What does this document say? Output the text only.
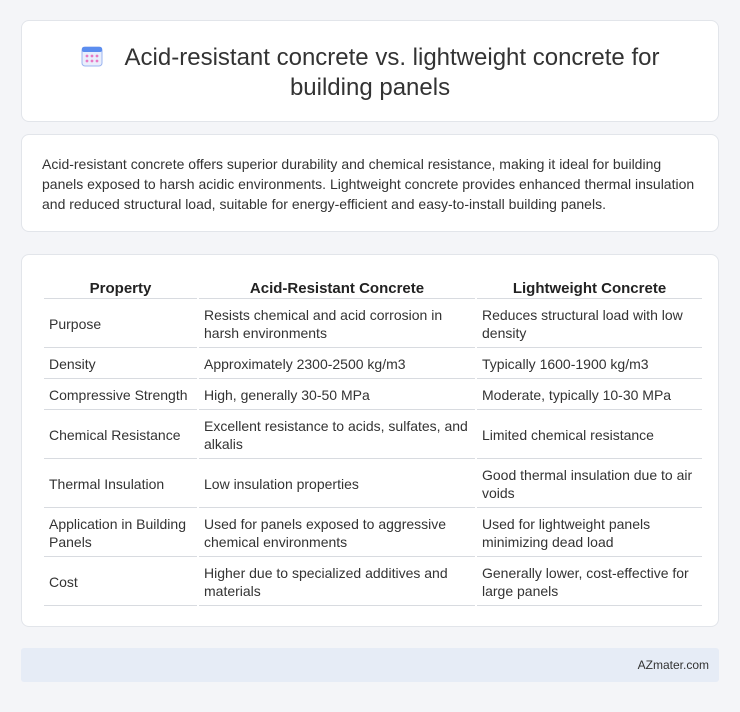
Acid-resistant concrete vs. lightweight concrete for building panels

Acid-resistant concrete offers superior durability and chemical resistance, making it ideal for building panels exposed to harsh acidic environments. Lightweight concrete provides enhanced thermal insulation and reduced structural load, suitable for energy-efficient and easy-to-install building panels.

Property	Acid-Resistant Concrete	Lightweight Concrete
Purpose	Resists chemical and acid corrosion in harsh environments	Reduces structural load with low density
Density	Approximately 2300-2500 kg/m3	Typically 1600-1900 kg/m3
Compressive Strength	High, generally 30-50 MPa	Moderate, typically 10-30 MPa
Chemical Resistance	Excellent resistance to acids, sulfates, and alkalis	Limited chemical resistance
Thermal Insulation	Low insulation properties	Good thermal insulation due to air voids
Application in Building Panels	Used for panels exposed to aggressive chemical environments	Used for lightweight panels minimizing dead load
Cost	Higher due to specialized additives and materials	Generally lower, cost-effective for large panels
AZmater.com
